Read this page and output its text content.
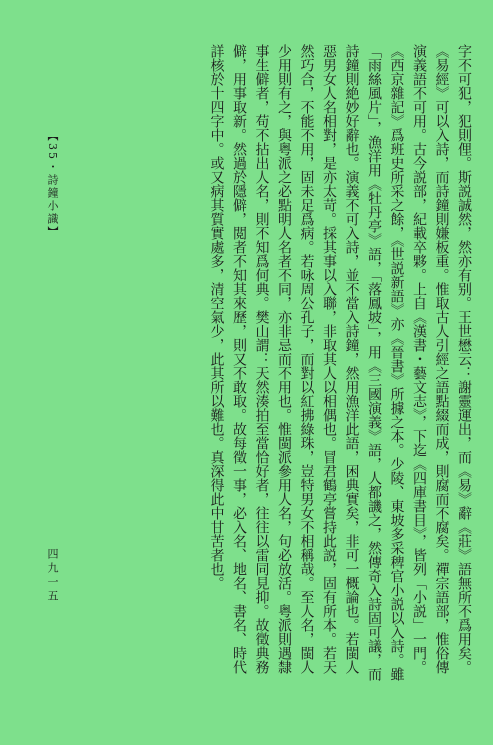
【35・詩鐘小識】
四九一五	字不可犯，犯則俚。斯説誠然，然亦有别。王世懋云：謝靈運出，而《易》辭《莊》語無所不爲用矣。《易經》可以入詩，而詩鐘則嫌板重。惟取古人引經之語點綴而成，則腐而不腐矣。禪宗語部，惟俗傳演義語不可用。古今説部，紀載卒夥。上自《漢書・藝文志》，下迄《四庫書目》，皆列「小説」一門。《西京雜記》爲班史所采之餘，《世説新語》亦《晉書》所據之本。少陵、東坡多采稗官小説以入詩。雖「雨絲風片」，漁洋用《牡丹亭》語，「落鳳坡」，用《三國演義》語，人都譏之，然傳奇入詩固可議，而詩鐘則絶妙好辭也。演義不可入詩，並不當入詩鐘，然用漁洋此語，困典實矣，非可一概論也。若閩人惡男女人名相對，是亦太苛。採其事以入聯，非取其人以相偶也。冒君鶴亭嘗持此説，固有所本。若天然巧合，不能不用，固未足爲病。若咏周公孔子，而對以紅拂綠珠，豈特男女不相稱哉。至人名，閩人少用則有之，與粤派之必點明人名者不同，亦非忌而不用也。惟閩派參用人名，句必放活。粤派則遇隸事生僻者，苟不拈出人名，則不知爲何典。樊山謂：天然湊拍至當恰好者，往往以雷同見抑。故徵典務僻，用事取新。然過於隱僻，閲者不知其來歷，則又不敢取。故每徵一事，必入名、地名、書名、時代詳核於十四字中。或又病其質實處多，清空氣少，此其所以難也。真深得此中甘苦者也。
